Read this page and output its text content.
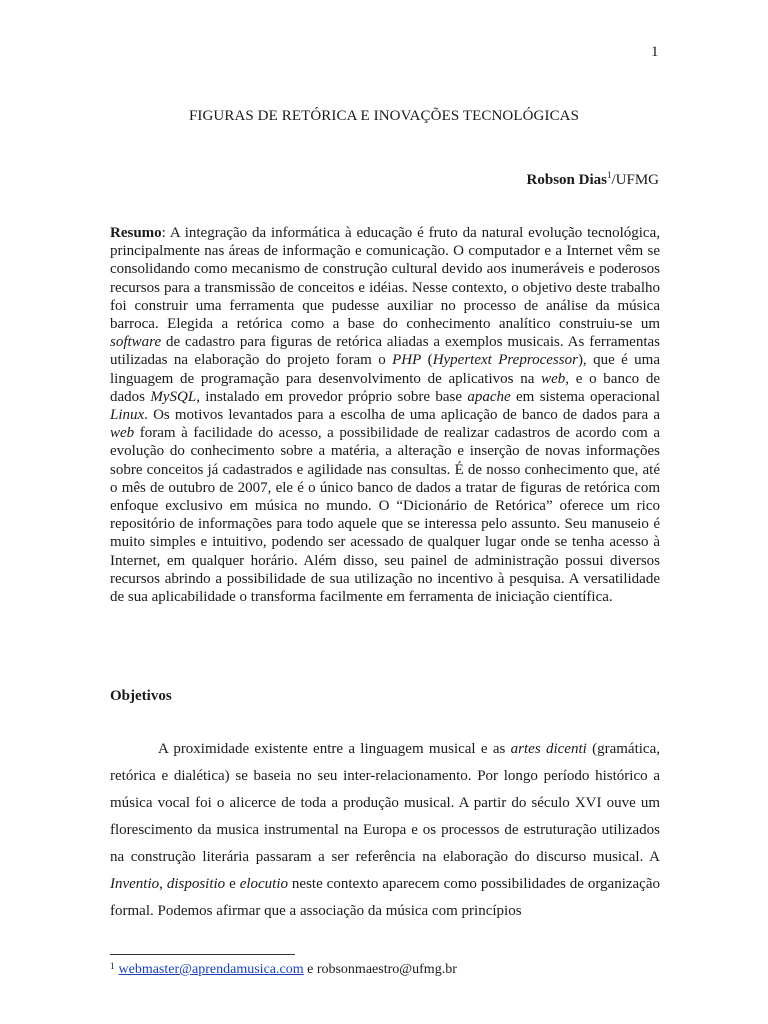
1
FIGURAS DE RETÓRICA E INOVAÇÕES TECNOLÓGICAS
Robson Dias$^1$/UFMG

Resumo: A integração da informática à educação é fruto da natural evolução tecnológica, principalmente nas áreas de informação e comunicação. O computador e a Internet vêm se consolidando como mecanismo de construção cultural devido aos inumeráveis e poderosos recursos para a transmissão de conceitos e idéias. Nesse contexto, o objetivo deste trabalho foi construir uma ferramenta que pudesse auxiliar no processo de análise da música barroca. Elegida a retórica como a base do conhecimento analítico construiu-se um software de cadastro para figuras de retórica aliadas a exemplos musicais. As ferramentas utilizadas na elaboração do projeto foram o PHP (Hypertext Preprocessor), que é uma linguagem de programação para desenvolvimento de aplicativos na web, e o banco de dados MySQL, instalado em provedor próprio sobre base apache em sistema operacional Linux. Os motivos levantados para a escolha de uma aplicação de banco de dados para a web foram à facilidade do acesso, a possibilidade de realizar cadastros de acordo com a evolução do conhecimento sobre a matéria, a alteração e inserção de novas informações sobre conceitos já cadastrados e agilidade nas consultas. É de nosso conhecimento que, até o mês de outubro de 2007, ele é o único banco de dados a tratar de figuras de retórica com enfoque exclusivo em música no mundo. O “Dicionário de Retórica” oferece um rico repositório de informações para todo aquele que se interessa pelo assunto. Seu manuseio é muito simples e intuitivo, podendo ser acessado de qualquer lugar onde se tenha acesso à Internet, em qualquer horário. Além disso, seu painel de administração possui diversos recursos abrindo a possibilidade de sua utilização no incentivo à pesquisa. A versatilidade de sua aplicabilidade o transforma facilmente em ferramenta de iniciação científica.

Objetivos

A proximidade existente entre a linguagem musical e as artes dicenti (gramática, retórica e dialética) se baseia no seu inter-relacionamento. Por longo período histórico a música vocal foi o alicerce de toda a produção musical. A partir do século XVI ouve um florescimento da musica instrumental na Europa e os processos de estruturação utilizados na construção literária passaram a ser referência na elaboração do discurso musical. A Inventio, dispositio e elocutio neste contexto aparecem como possibilidades de organização formal. Podemos afirmar que a associação da música com princípios

$^1$ webmaster@aprendamusica.com e robsonmaestro@ufmg.br
